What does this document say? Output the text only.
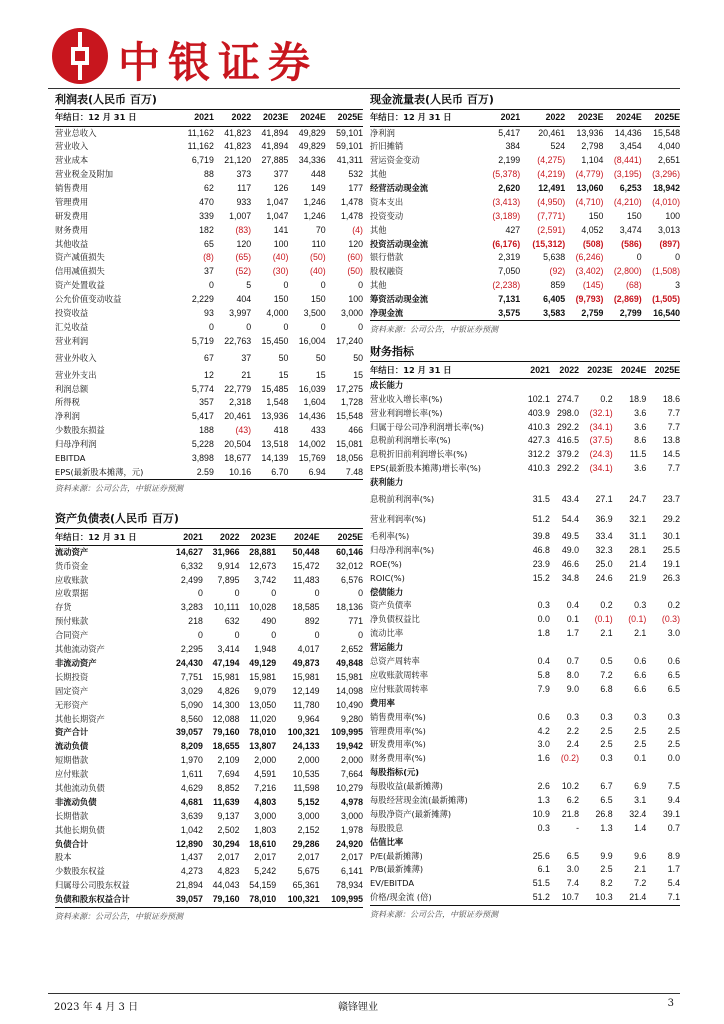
中银证券
利润表(人民币 百万)
年结日：12 月 31 日	2021	2022	2023E	2024E	2025E
营业总收入	11,162	41,823	41,894	49,829	59,101
营业收入	11,162	41,823	41,894	49,829	59,101
营业成本	6,719	21,120	27,885	34,336	41,311
营业税金及附加	88	373	377	448	532
销售费用	62	117	126	149	177
管理费用	470	933	1,047	1,246	1,478
研发费用	339	1,007	1,047	1,246	1,478
财务费用	182	(83)	141	70	(4)
其他收益	65	120	100	110	120
资产减值损失	(8)	(65)	(40)	(50)	(60)
信用减值损失	37	(52)	(30)	(40)	(50)
资产处置收益	0	5	0	0	0
公允价值变动收益	2,229	404	150	150	100
投资收益	93	3,997	4,000	3,500	3,000
汇兑收益	0	0	0	0	0
营业利润	5,719	22,763	15,450	16,004	17,240
营业外收入	67	37	50	50	50
营业外支出	12	21	15	15	15
利润总额	5,774	22,779	15,485	16,039	17,275
所得税	357	2,318	1,548	1,604	1,728
净利润	5,417	20,461	13,936	14,436	15,548
少数股东损益	188	(43)	418	433	466
归母净利润	5,228	20,504	13,518	14,002	15,081
EBITDA	3,898	18,677	14,139	15,769	18,056
EPS(最新股本摊薄，元)	2.59	10.16	6.70	6.94	7.48
资料来源：公司公告，中银证券预测
资产负债表(人民币 百万)
年结日：12 月 31 日	2021	2022	2023E	2024E	2025E
流动资产	14,627	31,966	28,881	50,448	60,146
货币资金	6,332	9,914	12,673	15,472	32,012
应收账款	2,499	7,895	3,742	11,483	6,576
应收票据	0	0	0	0	0
存货	3,283	10,111	10,028	18,585	18,136
预付账款	218	632	490	892	771
合同资产	0	0	0	0	0
其他流动资产	2,295	3,414	1,948	4,017	2,652
非流动资产	24,430	47,194	49,129	49,873	49,848
长期投资	7,751	15,981	15,981	15,981	15,981
固定资产	3,029	4,826	9,079	12,149	14,098
无形资产	5,090	14,300	13,050	11,780	10,490
其他长期资产	8,560	12,088	11,020	9,964	9,280
资产合计	39,057	79,160	78,010	100,321	109,995
流动负债	8,209	18,655	13,807	24,133	19,942
短期借款	1,970	2,109	2,000	2,000	2,000
应付账款	1,611	7,694	4,591	10,535	7,664
其他流动负债	4,629	8,852	7,216	11,598	10,279
非流动负债	4,681	11,639	4,803	5,152	4,978
长期借款	3,639	9,137	3,000	3,000	3,000
其他长期负债	1,042	2,502	1,803	2,152	1,978
负债合计	12,890	30,294	18,610	29,286	24,920
股本	1,437	2,017	2,017	2,017	2,017
少数股东权益	4,273	4,823	5,242	5,675	6,141
归属母公司股东权益	21,894	44,043	54,159	65,361	78,934
负债和股东权益合计	39,057	79,160	78,010	100,321	109,995
资料来源：公司公告，中银证券预测
现金流量表(人民币 百万)
年结日：12 月 31 日	2021	2022	2023E	2024E	2025E
净利润	5,417	20,461	13,936	14,436	15,548
折旧摊销	384	524	2,798	3,454	4,040
营运资金变动	2,199	(4,275)	1,104	(8,441)	2,651
其他	(5,378)	(4,219)	(4,779)	(3,195)	(3,296)
经营活动现金流	2,620	12,491	13,060	6,253	18,942
资本支出	(3,413)	(4,950)	(4,710)	(4,210)	(4,010)
投资变动	(3,189)	(7,771)	150	150	100
其他	427	(2,591)	4,052	3,474	3,013
投资活动现金流	(6,176)	(15,312)	(508)	(586)	(897)
银行借款	2,319	5,638	(6,246)	0	0
股权融资	7,050	(92)	(3,402)	(2,800)	(1,508)
其他	(2,238)	859	(145)	(68)	3
筹资活动现金流	7,131	6,405	(9,793)	(2,869)	(1,505)
净现金流	3,575	3,583	2,759	2,799	16,540
资料来源：公司公告，中银证券预测
财务指标
年结日：12 月 31 日	2021	2022	2023E	2024E	2025E
成长能力					
营业收入增长率(%)	102.1	274.7	0.2	18.9	18.6
营业利润增长率(%)	403.9	298.0	(32.1)	3.6	7.7
归属于母公司净利润增长率(%)	410.3	292.2	(34.1)	3.6	7.7
息税前利润增长率(%)	427.3	416.5	(37.5)	8.6	13.8
息税折旧前利润增长率(%)	312.2	379.2	(24.3)	11.5	14.5
EPS(最新股本摊薄)增长率(%)	410.3	292.2	(34.1)	3.6	7.7
获利能力					
息税前利润率(%)	31.5	43.4	27.1	24.7	23.7
营业利润率(%)	51.2	54.4	36.9	32.1	29.2
毛利率(%)	39.8	49.5	33.4	31.1	30.1
归母净利润率(%)	46.8	49.0	32.3	28.1	25.5
ROE(%)	23.9	46.6	25.0	21.4	19.1
ROIC(%)	15.2	34.8	24.6	21.9	26.3
偿债能力					
资产负债率	0.3	0.4	0.2	0.3	0.2
净负债权益比	0.0	0.1	(0.1)	(0.1)	(0.3)
流动比率	1.8	1.7	2.1	2.1	3.0
营运能力					
总资产周转率	0.4	0.7	0.5	0.6	0.6
应收账款周转率	5.8	8.0	7.2	6.6	6.5
应付账款周转率	7.9	9.0	6.8	6.6	6.5
费用率					
销售费用率(%)	0.6	0.3	0.3	0.3	0.3
管理费用率(%)	4.2	2.2	2.5	2.5	2.5
研发费用率(%)	3.0	2.4	2.5	2.5	2.5
财务费用率(%)	1.6	(0.2)	0.3	0.1	0.0
每股指标(元)					
每股收益(最新摊薄)	2.6	10.2	6.7	6.9	7.5
每股经营现金流(最新摊薄)	1.3	6.2	6.5	3.1	9.4
每股净资产(最新摊薄)	10.9	21.8	26.8	32.4	39.1
每股股息	0.3	-	1.3	1.4	0.7
估值比率					
P/E(最新摊薄)	25.6	6.5	9.9	9.6	8.9
P/B(最新摊薄)	6.1	3.0	2.5	2.1	1.7
EV/EBITDA	51.5	7.4	8.2	7.2	5.4
价格/现金流 (倍)	51.2	10.7	10.3	21.4	7.1
资料来源：公司公告，中银证券预测
2023 年 4 月 3 日	赣锋锂业	3
